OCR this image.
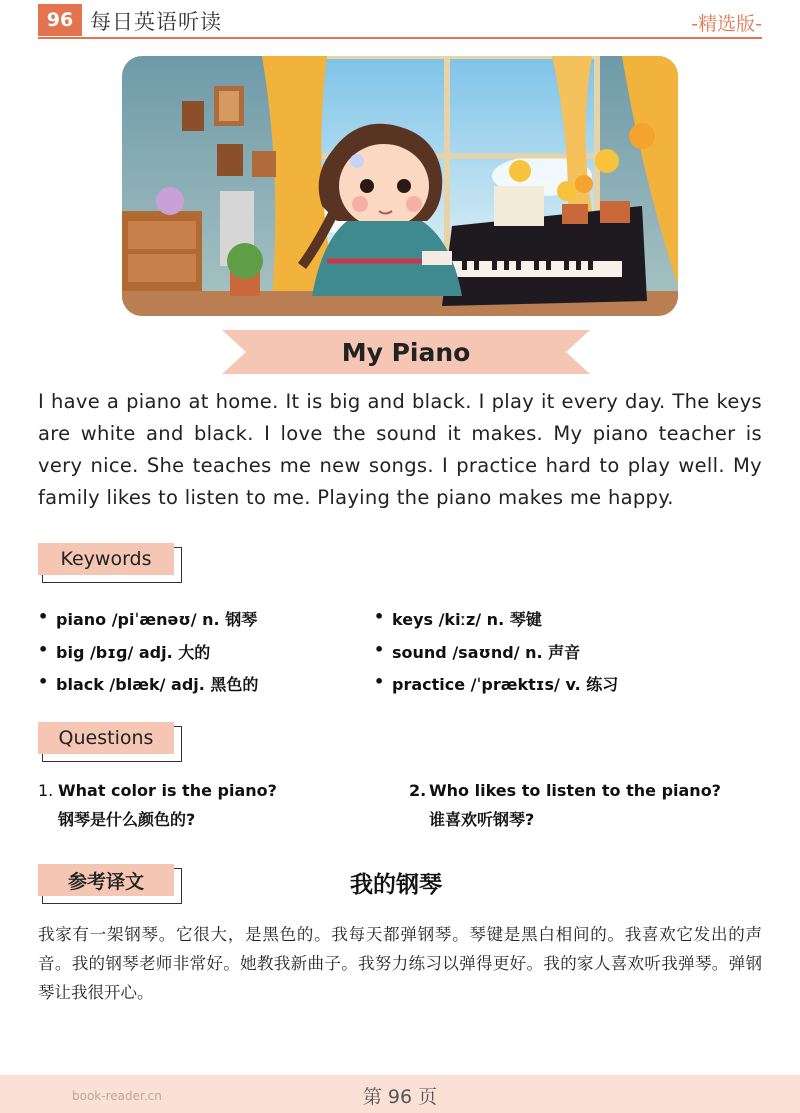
96 每日英语听读	-精选版-
My Piano
I have a piano at home. It is big and black. I play it every day. The keys are white and black. I love the sound it makes. My piano teacher is very nice. She teaches me new songs. I practice hard to play well. My family likes to listen to me. Playing the piano makes me happy.
Keywords
• piano /piˈænəʊ/ n. 钢琴
• big /bɪɡ/ adj. 大的
• black /blæk/ adj. 黑色的
• keys /kiːz/ n. 琴键
• sound /saʊnd/ n. 声音
• practice /ˈpræktɪs/ v. 练习
Questions
1. What color is the piano?
钢琴是什么颜色的?
2. Who likes to listen to the piano?
谁喜欢听钢琴?
参考译文	我的钢琴
我家有一架钢琴。它很大，是黑色的。我每天都弹钢琴。琴键是黑白相间的。我喜欢它发出的声音。我的钢琴老师非常好。她教我新曲子。我努力练习以弹得更好。我的家人喜欢听我弹琴。弹钢琴让我很开心。
book-reader.cn	第 96 页
